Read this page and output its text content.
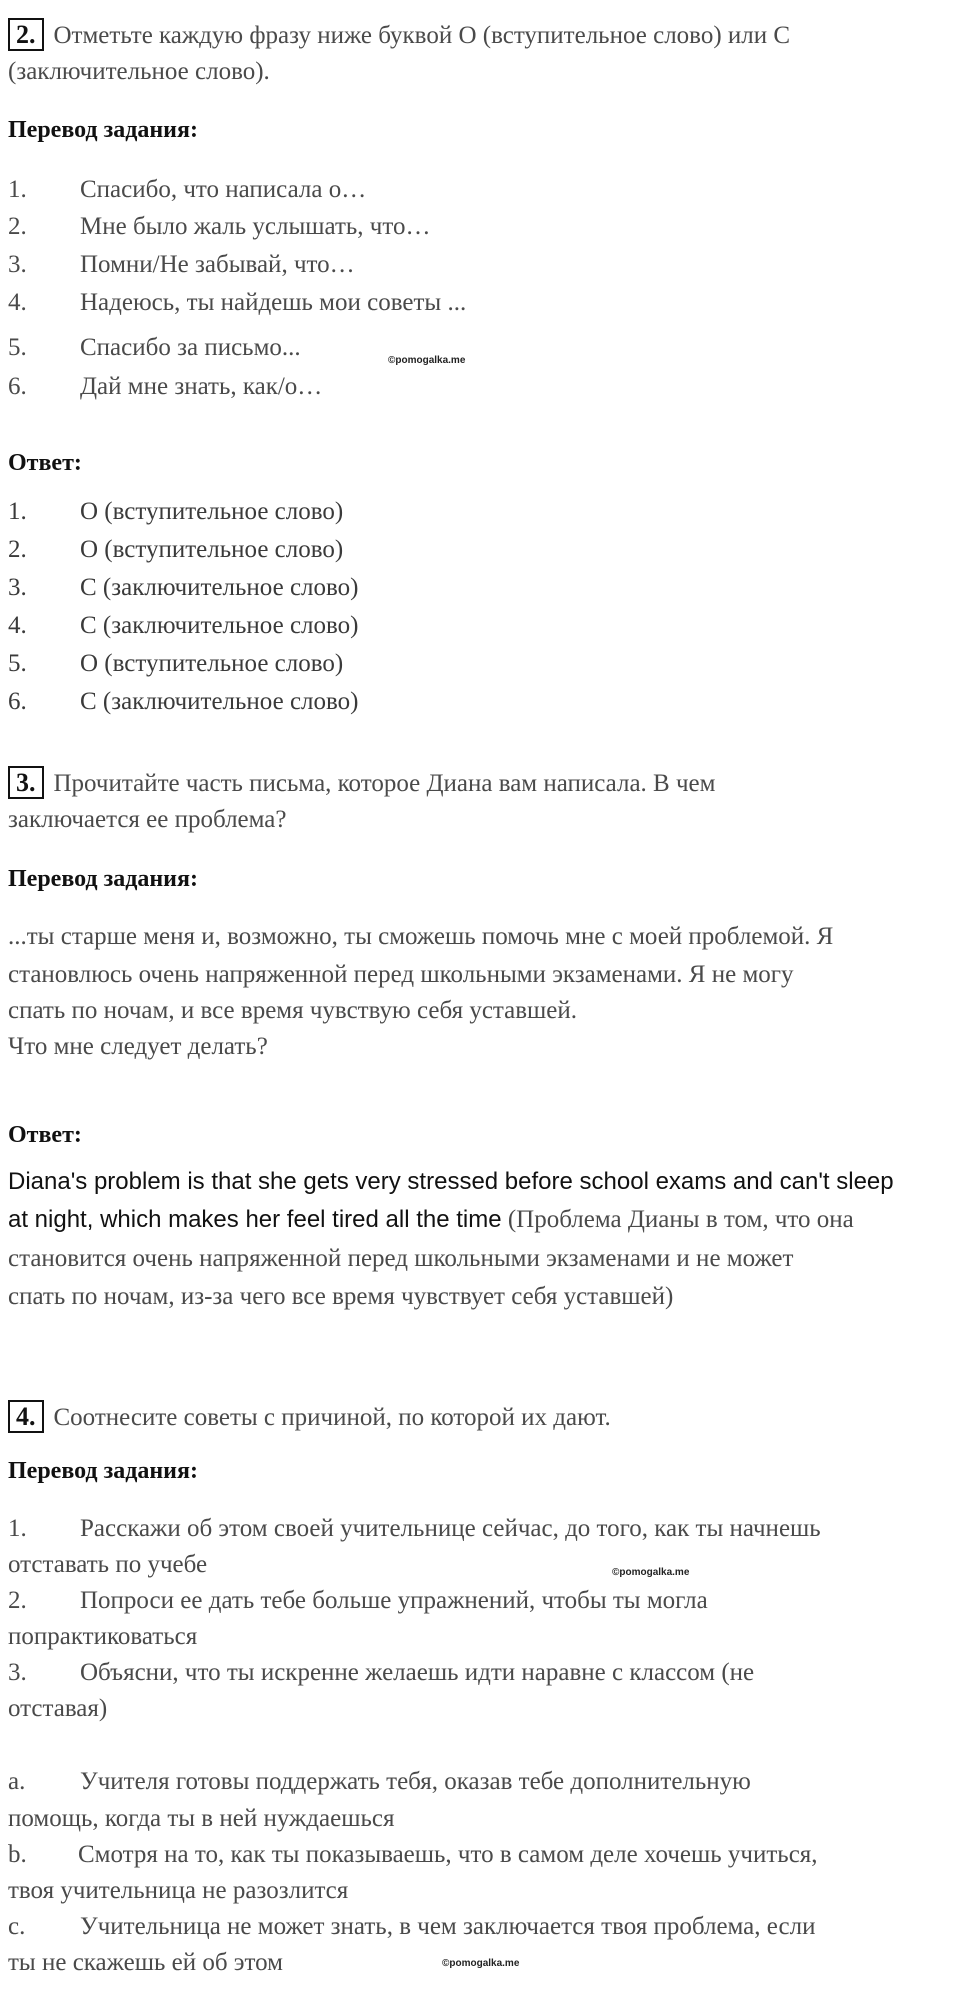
2. Отметьте каждую фразу ниже буквой О (вступительное слово) или С
(заключительное слово).
Перевод задания:
1. Спасибо, что написала о…
2. Мне было жаль услышать, что…
3. Помни/Не забывай, что…
4. Надеюсь, ты найдешь мои советы ...
5. Спасибо за письмо...
6. Дай мне знать, как/о…
©pomogalka.me
Ответ:
1. О (вступительное слово)
2. О (вступительное слово)
3. С (заключительное слово)
4. С (заключительное слово)
5. О (вступительное слово)
6. С (заключительное слово)
3. Прочитайте часть письма, которое Диана вам написала. В чем
заключается ее проблема?
Перевод задания:
...ты старше меня и, возможно, ты сможешь помочь мне с моей проблемой. Я
становлюсь очень напряженной перед школьными экзаменами. Я не могу
спать по ночам, и все время чувствую себя уставшей.
Что мне следует делать?
Ответ:
Diana's problem is that she gets very stressed before school exams and can't sleep
at night, which makes her feel tired all the time (Проблема Дианы в том, что она
становится очень напряженной перед школьными экзаменами и не может
спать по ночам, из-за чего все время чувствует себя уставшей)
4. Соотнесите советы с причиной, по которой их дают.
Перевод задания:
1. Расскажи об этом своей учительнице сейчас, до того, как ты начнешь
отставать по учебе
2. Попроси ее дать тебе больше упражнений, чтобы ты могла
попрактиковаться
3. Объясни, что ты искренне желаешь идти наравне с классом (не
отставая)
©pomogalka.me
a. Учителя готовы поддержать тебя, оказав тебе дополнительную
помощь, когда ты в ней нуждаешься
b. Смотря на то, как ты показываешь, что в самом деле хочешь учиться,
твоя учительница не разозлится
c. Учительница не может знать, в чем заключается твоя проблема, если
ты не скажешь ей об этом	©pomogalka.me
